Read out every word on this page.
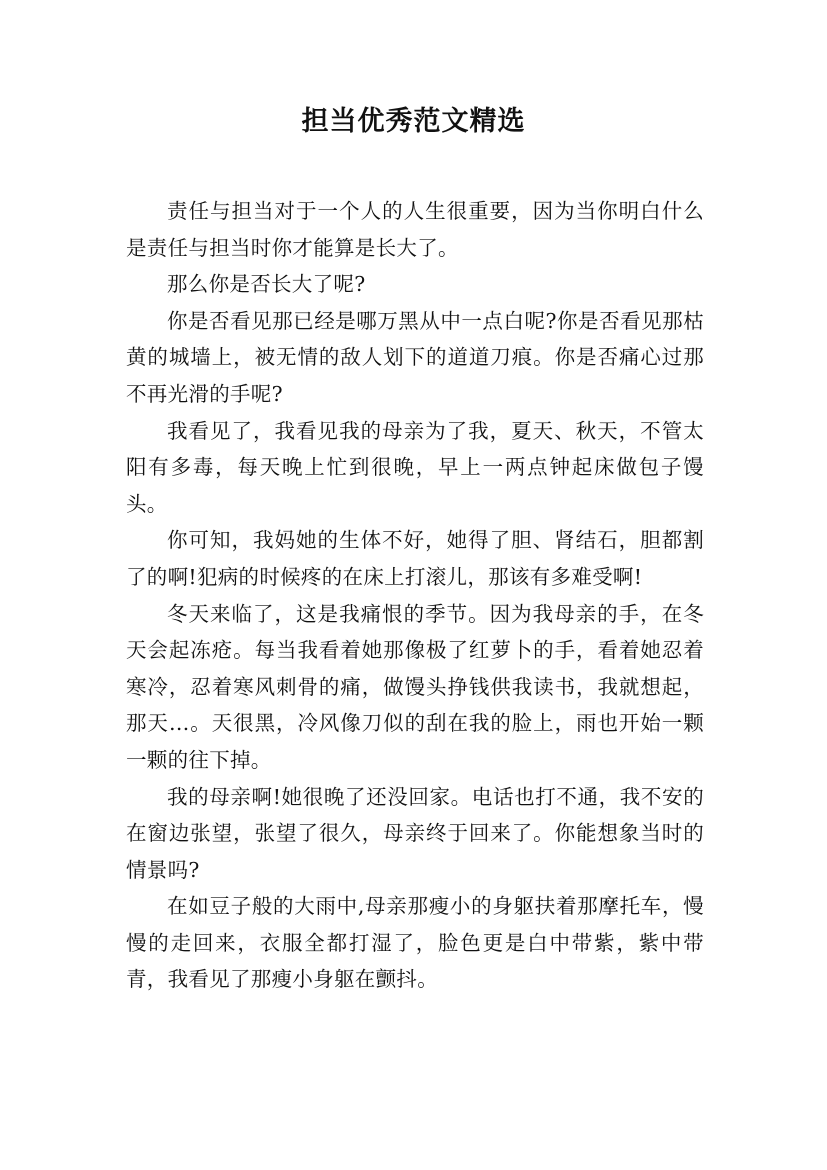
担当优秀范文精选

责任与担当对于一个人的人生很重要，因为当你明白什么是责任与担当时你才能算是长大了。

那么你是否长大了呢?

你是否看见那已经是哪万黑从中一点白呢?你是否看见那枯黄的城墙上，被无情的敌人划下的道道刀痕。你是否痛心过那不再光滑的手呢?

我看见了，我看见我的母亲为了我，夏天、秋天，不管太阳有多毒，每天晚上忙到很晚，早上一两点钟起床做包子馒头。

你可知，我妈她的生体不好，她得了胆、肾结石，胆都割了的啊!犯病的时候疼的在床上打滚儿，那该有多难受啊!

冬天来临了，这是我痛恨的季节。因为我母亲的手，在冬天会起冻疮。每当我看着她那像极了红萝卜的手，看着她忍着寒冷，忍着寒风刺骨的痛，做馒头挣钱供我读书，我就想起，那天…。天很黑，冷风像刀似的刮在我的脸上，雨也开始一颗一颗的往下掉。

我的母亲啊!她很晚了还没回家。电话也打不通，我不安的在窗边张望，张望了很久，母亲终于回来了。你能想象当时的情景吗?

在如豆子般的大雨中,母亲那瘦小的身躯扶着那摩托车，慢慢的走回来，衣服全都打湿了，脸色更是白中带紫，紫中带青，我看见了那瘦小身躯在颤抖。
